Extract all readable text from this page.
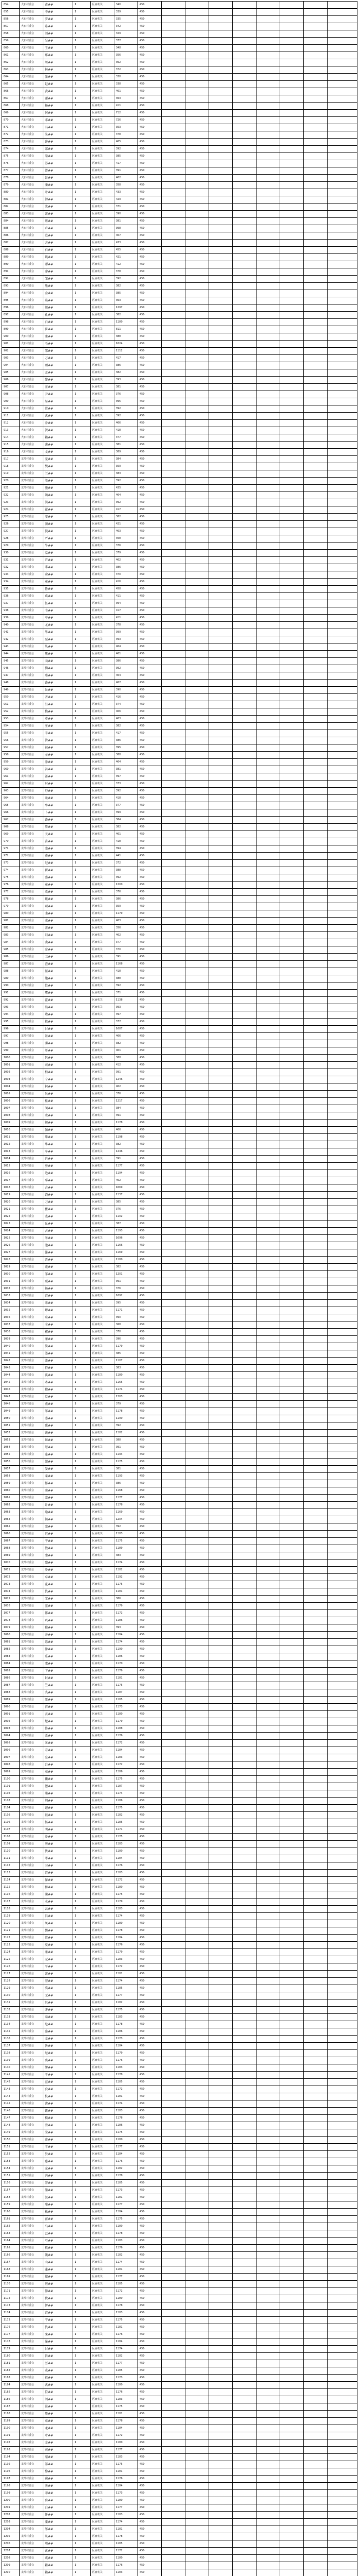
854	大石村委会	黄##	1	区直机关	340	450								
855	大石村委会	李##	1	区直机关	339	450								
856	大石村委会	罗##	1	区直机关	335	450								
857	大石村委会	陈##	1	区直机关	342	450								
858	大石村委会	刘##	1	区直机关	329	450								
859	大石村委会	吴##	1	区直机关	377	450								
860	大石村委会	王##	1	区直机关	348	450								
861	大石村委会	郑##	1	区直机关	356	450								
862	大石村委会	周##	1	区直机关	362	450								
863	大石村委会	林##	1	区直机关	372	450								
864	大石村委会	张##	1	区直机关	330	450								
865	大石村委会	赵##	1	区直机关	338	450								
866	大石村委会	黄##	1	区直机关	401	450								
867	大石村委会	谢##	1	区直机关	363	450								
868	大石村委会	杨##	1	区直机关	411	450								
869	大石村委会	何##	1	区直机关	712	450								
870	大石村委会	邓##	1	区直机关	726	450								
871	大石村委会	冯##	1	区直机关	353	450								
872	大石村委会	朱##	1	区直机关	378	450								
873	大石村委会	许##	1	区直机关	405	450								
874	大石村委会	邱##	1	区直机关	392	450								
875	大石村委会	梁##	1	区直机关	385	450								
876	大石村委会	苏##	1	区直机关	417	450								
877	大石村委会	曾##	1	区直机关	391	450								
878	大石村委会	彭##	1	区直机关	402	450								
879	大石村委会	潘##	1	区直机关	358	450								
880	大石村委会	叶##	1	区直机关	433	450								
881	大石村委会	钟##	1	区直机关	429	450								
882	大石村委会	沈##	1	区直机关	371	450								
883	大石村委会	萧##	1	区直机关	390	450								
884	大石村委会	蔡##	1	区直机关	381	450								
885	大石村委会	卢##	1	区直机关	398	450								
886	大石村委会	范##	1	区直机关	407	450								
887	大石村委会	方##	1	区直机关	433	450								
888	大石村委会	石##	1	区直机关	455	450								
889	大石村委会	姚##	1	区直机关	421	450								
890	大石村委会	谭##	1	区直机关	412	450								
891	大石村委会	廖##	1	区直机关	378	450								
892	大石村委会	邹##	1	区直机关	392	450								
893	大石村委会	熊##	1	区直机关	382	450								
894	大石村委会	金##	1	区直机关	385	450								
895	大石村委会	陆##	1	区直机关	363	450								
896	大石村委会	郝##	1	区直机关	1297	450								
897	大石村委会	孔##	1	区直机关	382	450								
898	大石村委会	白##	1	区直机关	1180	450								
899	大石村委会	崔##	1	区直机关	811	450								
900	大石村委会	康##	1	区直机关	388	450								
901	大石村委会	毛##	1	区直机关	1024	450								
902	大石村委会	邵##	1	区直机关	1112	450								
903	大石村委会	万##	1	区直机关	417	450								
904	大石村委会	顾##	1	区直机关	386	450								
905	大石村委会	孟##	1	区直机关	382	450								
906	大石村委会	黎##	1	区直机关	393	450								
907	大石村委会	汪##	1	区直机关	381	450								
908	大石村委会	尹##	1	区直机关	376	450								
909	大石村委会	易##	1	区直机关	395	450								
910	大石村委会	常##	1	区直机关	392	450								
911	大石村委会	武##	1	区直机关	392	450								
912	大石村委会	乔##	1	区直机关	406	450								
913	大石村委会	贺##	1	区直机关	418	450								
914	大石村委会	赖##	1	区直机关	377	450								
915	大石村委会	龚##	1	区直机关	381	450								
916	大石村委会	文##	1	区直机关	389	450								
917	龙潭村委会	庞##	1	区直机关	384	450								
918	龙潭村委会	樊##	1	区直机关	359	450								
919	龙潭村委会	兰##	1	区直机关	383	450								
920	龙潭村委会	殷##	1	区直机关	392	450								
921	龙潭村委会	施##	1	区直机关	435	450								
922	龙潭村委会	陶##	1	区直机关	404	450								
923	龙潭村委会	洪##	1	区直机关	392	450								
924	龙潭村委会	翟##	1	区直机关	417	450								
925	龙潭村委会	安##	1	区直机关	382	450								
926	龙潭村委会	颜##	1	区直机关	421	450								
927	龙潭村委会	倪##	1	区直机关	403	450								
928	龙潭村委会	严##	1	区直机关	358	450								
929	龙潭村委会	牛##	1	区直机关	376	450								
930	龙潭村委会	温##	1	区直机关	379	450								
931	龙潭村委会	芦##	1	区直机关	402	450								
932	龙潭村委会	季##	1	区直机关	386	450								
933	龙潭村委会	俞##	1	区直机关	370	450								
934	龙潭村委会	章##	1	区直机关	416	450								
935	龙潭村委会	鲁##	1	区直机关	458	450								
936	龙潭村委会	葛##	1	区直机关	411	450								
937	龙潭村委会	伍##	1	区直机关	394	450								
938	龙潭村委会	韦##	1	区直机关	417	450								
939	龙潭村委会	申##	1	区直机关	411	450								
940	龙潭村委会	尤##	1	区直机关	378	450								
941	龙潭村委会	毕##	1	区直机关	399	450								
942	龙潭村委会	聂##	1	区直机关	393	450								
943	龙潭村委会	丛##	1	区直机关	404	450								
944	龙潭村委会	焦##	1	区直机关	401	450								
945	龙潭村委会	向##	1	区直机关	386	450								
946	龙潭村委会	柳##	1	区直机关	392	450								
947	龙潭村委会	邢##	1	区直机关	404	450								
948	龙潭村委会	路##	1	区直机关	407	450								
949	龙潭村委会	岳##	1	区直机关	390	450								
950	龙潭村委会	齐##	1	区直机关	416	450								
951	龙潭村委会	沿##	1	区直机关	374	450								
952	龙潭村委会	梅##	1	区直机关	406	450								
953	龙潭村委会	莫##	1	区直机关	403	450								
954	龙潭村委会	庄##	1	区直机关	382	450								
955	龙潭村委会	辛##	1	区直机关	417	450								
956	龙潭村委会	管##	1	区直机关	386	450								
957	龙潭村委会	祝##	1	区直机关	395	450								
958	龙潭村委会	左##	1	区直机关	388	450								
959	龙潭村委会	涂##	1	区直机关	404	450								
960	龙潭村委会	谷##	1	区直机关	381	450								
961	龙潭村委会	祁##	1	区直机关	397	450								
962	龙潭村委会	时##	1	区直机关	373	450								
963	龙潭村委会	舒##	1	区直机关	392	450								
964	龙潭村委会	耿##	1	区直机关	418	450								
965	龙潭村委会	牟##	1	区直机关	377	450								
966	龙潭村委会	卜##	1	区直机关	399	450								
967	龙潭村委会	路##	1	区直机关	384	450								
968	龙潭村委会	詹##	1	区直机关	382	450								
969	龙潭村委会	关##	1	区直机关	401	450								
970	龙潭村委会	苗##	1	区直机关	418	450								
971	龙潭村委会	凌##	1	区直机关	394	450								
972	龙潭村委会	费##	1	区直机关	441	450								
973	龙潭村委会	纪##	1	区直机关	372	450								
974	龙潭村委会	靳##	1	区直机关	388	450								
975	龙潭村委会	盛##	1	区直机关	392	450								
976	龙潭村委会	童##	1	区直机关	1200	450								
977	龙潭村委会	欧##	1	区直机关	376	450								
978	龙潭村委会	甄##	1	区直机关	386	450								
979	龙潭村委会	项##	1	区直机关	359	450								
980	龙潭村委会	曲##	1	区直机关	1179	450								
981	龙潭村委会	成##	1	区直机关	403	450								
982	龙潭村委会	游##	1	区直机关	356	450								
983	龙潭村委会	阳##	1	区直机关	402	450								
984	龙潭村委会	裴##	1	区直机关	377	450								
985	龙潭村委会	席##	1	区直机关	370	450								
986	龙潭村委会	卫##	1	区直机关	391	450								
987	龙潭村委会	查##	1	区直机关	1168	450								
988	龙潭村委会	屈##	1	区直机关	418	450								
989	龙潭村委会	鲍##	1	区直机关	388	450								
990	龙潭村委会	位##	1	区直机关	392	450								
991	龙潭村委会	覃##	1	区直机关	371	450								
992	龙潭村委会	霍##	1	区直机关	1138	450								
993	龙潭村委会	翁##	1	区直机关	393	450								
994	龙潭村委会	隋##	1	区直机关	397	450								
995	龙潭村委会	植##	1	区直机关	377	450								
996	龙潭村委会	甘##	1	区直机关	1087	450								
997	龙潭村委会	景##	1	区直机关	406	450								
998	龙潭村委会	薄##	1	区直机关	382	450								
999	龙潭村委会	单##	1	区直机关	401	450								
1000	龙潭村委会	包##	1	区直机关	388	450								
1001	龙潭村委会	司##	1	区直机关	412	450								
1002	龙潭村委会	柏##	1	区直机关	391	450								
1003	龙潭村委会	宁##	1	区直机关	1246	450								
1004	龙潭村委会	柯##	1	区直机关	402	450								
1005	龙潭村委会	阮##	1	区直机关	376	450								
1006	龙潭村委会	桂##	1	区直机关	1217	450								
1007	龙潭村委会	闵##	1	区直机关	384	450								
1008	龙潭村委会	欧##	1	区直机关	391	450								
1009	龙潭村委会	解##	1	区直机关	1178	450								
1010	龙潭村委会	强##	1	区直机关	406	450								
1011	龙潭村委会	柴##	1	区直机关	1198	450								
1012	龙潭村委会	华##	1	区直机关	382	450								
1013	龙潭村委会	车##	1	区直机关	1246	450								
1014	龙潭村委会	冉##	1	区直机关	391	450								
1015	龙潭村委会	房##	1	区直机关	1177	450								
1016	龙潭村委会	边##	1	区直机关	1194	450								
1017	龙潭村委会	辜##	1	区直机关	402	450								
1018	龙潭村委会	吉##	1	区直机关	1069	450								
1019	龙潭村委会	饶##	1	区直机关	1137	450								
1020	龙潭村委会	刁##	1	区直机关	385	450								
1021	龙潭村委会	瞿##	1	区直机关	376	450								
1022	龙潭村委会	戚##	1	区直机关	1102	450								
1023	龙潭村委会	丘##	1	区直机关	387	450								
1024	龙潭村委会	古##	1	区直机关	1193	450								
1025	龙潭村委会	米##	1	区直机关	1096	450								
1026	龙潭村委会	池##	1	区直机关	1166	450								
1027	龙潭村委会	滕##	1	区直机关	1169	450								
1028	龙潭村委会	晋##	1	区直机关	1180	450								
1029	龙潭村委会	苑##	1	区直机关	382	450								
1030	龙潭村委会	邬##	1	区直机关	1201	450								
1031	龙潭村委会	臧##	1	区直机关	391	450								
1032	龙潭村委会	畅##	1	区直机关	376	450								
1033	龙潭村委会	宫##	1	区直机关	1092	450								
1034	龙潭村委会	来##	1	区直机关	395	450								
1035	龙潭村委会	嵺##	1	区直机关	1171	450								
1036	龙潭村委会	苟##	1	区直机关	390	450								
1037	龙潭村委会	全##	1	区直机关	368	450								
1038	龙潭村委会	褚##	1	区直机关	370	450								
1039	龙潭村委会	廉##	1	区直机关	396	450								
1040	龙潭村委会	简##	1	区直机关	1179	450								
1041	龙潭村委会	娄##	1	区直机关	385	450								
1042	龙潭村委会	盖##	1	区直机关	1107	450								
1043	龙潭村委会	符##	1	区直机关	383	450								
1044	龙潭村委会	奚##	1	区直机关	1180	450								
1045	龙潭村委会	木##	1	区直机关	1165	450								
1046	龙潭村委会	穆##	1	区直机关	1174	450								
1047	龙潭村委会	党##	1	区直机关	1203	450								
1048	龙潭村委会	燕##	1	区直机关	379	450								
1049	龙潭村委会	郎##	1	区直机关	1178	450								
1050	龙潭村委会	邸##	1	区直机关	1190	450								
1051	龙潭村委会	冀##	1	区直机关	392	450								
1052	龙潭村委会	谈##	1	区直机关	1182	450								
1053	龙潭村委会	姬##	1	区直机关	388	450								
1054	龙潭村委会	屠##	1	区直机关	391	450								
1055	龙潭村委会	连##	1	区直机关	1194	450								
1056	龙潭村委会	郜##	1	区直机关	1175	450								
1057	龙潭村委会	晏##	1	区直机关	381	450								
1058	龙潭村委会	栾##	1	区直机关	1193	450								
1059	龙潭村委会	郁##	1	区直机关	386	450								
1060	龙潭村委会	商##	1	区直机关	1168	450								
1061	龙潭村委会	蒙##	1	区直机关	1177	450								
1062	龙潭村委会	计##	1	区直机关	1178	450								
1063	龙潭村委会	喻##	1	区直机关	1169	450								
1064	龙潭村委会	揭##	1	区直机关	1204	450								
1065	龙潭村委会	窦##	1	区直机关	392	450								
1066	龙潭村委会	迟##	1	区直机关	1183	450								
1067	龙潭村委会	宇##	1	区直机关	1175	450								
1068	龙潭村委会	敖##	1	区直机关	1189	450								
1069	龙潭村委会	糜##	1	区直机关	383	450								
1070	龙潭村委会	鄢##	1	区直机关	1174	450								
1071	龙潭村委会	冷##	1	区直机关	1182	450								
1072	龙潭村委会	卓##	1	区直机关	1192	450								
1073	龙潭村委会	花##	1	区直机关	1175	450								
1074	龙潭村委会	仇##	1	区直机关	1181	450								
1075	龙潭村委会	艾##	1	区直机关	386	450								
1076	龙潭村委会	蓝##	1	区直机关	1179	450								
1077	龙潭村委会	都##	1	区直机关	1172	450								
1078	龙潭村委会	巩##	1	区直机关	1186	450								
1079	龙潭村委会	稽##	1	区直机关	393	450								
1080	龙潭村委会	井##	1	区直机关	1184	450								
1081	龙潭村委会	练##	1	区直机关	1174	450								
1082	龙潭村委会	仲##	1	区直机关	1190	450								
1083	龙潭村委会	乐##	1	区直机关	1186	450								
1084	龙潭村委会	虞##	1	区直机关	1170	450								
1085	龙潭村委会	卞##	1	区直机关	1179	450								
1086	龙潭村委会	封##	1	区直机关	1181	450								
1087	龙潭村委会	竺##	1	区直机关	1175	450								
1088	龙潭村委会	冼##	1	区直机关	1187	450								
1089	龙潭村委会	原##	1	区直机关	1185	450								
1090	龙潭村委会	官##	1	区直机关	1173	450								
1091	龙潭村委会	衣##	1	区直机关	1180	450								
1092	龙潭村委会	楚##	1	区直机关	1179	450								
1093	龙潭村委会	佟##	1	区直机关	1188	450								
1094	龙潭村委会	栗##	1	区直机关	1176	450								
1095	龙潭村委会	匡##	1	区直机关	1172	450								
1096	龙潭村委会	宗##	1	区直机关	1184	450								
1097	龙潭村委会	应##	1	区直机关	1183	450								
1098	龙潭村委会	台##	1	区直机关	1172	450								
1099	龙潭村委会	巫##	1	区直机关	1186	450								
1100	龙潭村委会	鞠##	1	区直机关	1175	450								
1101	龙潭村委会	僧##	1	区直机关	1187	450								
1102	龙潭村委会	桑##	1	区直机关	1174	450								
1103	龙潭村委会	荆##	1	区直机关	1186	450								
1104	龙潭村委会	谌##	1	区直机关	1175	450								
1105	龙潭村委会	银##	1	区直机关	1182	450								
1106	龙潭村委会	扬##	1	区直机关	1185	450								
1107	龙潭村委会	明##	1	区直机关	1171	450								
1108	龙潭村委会	沙##	1	区直机关	1175	450								
1109	龙潭村委会	薛##	1	区直机关	1183	450								
1110	龙潭村委会	伏##	1	区直机关	1180	450								
1111	龙潭村委会	岑##	1	区直机关	1184	450								
1112	龙潭村委会	习##	1	区直机关	1176	450								
1113	龙潭村委会	胥##	1	区直机关	1183	450								
1114	龙潭村委会	保##	1	区直机关	1172	450								
1115	龙潭村委会	和##	1	区直机关	1180	450								
1116	龙潭村委会	蔺##	1	区直机关	1175	450								
1117	龙潭村委会	水##	1	区直机关	1179	450								
1118	龙潭村委会	云##	1	区直机关	1183	450								
1119	龙潭村委会	昌##	1	区直机关	1174	450								
1120	龙潭村委会	凤##	1	区直机关	1180	450								
1121	龙潭村委会	酆##	1	区直机关	1178	450								
1122	龙潭村委会	常##	1	区直机关	1184	450								
1123	龙潭村委会	皮##	1	区直机关	1176	450								
1124	龙潭村委会	康##	1	区直机关	1179	450								
1125	龙潭村委会	元##	1	区直机关	1183	450								
1126	龙潭村委会	平##	1	区直机关	1172	450								
1127	龙潭村委会	萧##	1	区直机关	1181	450								
1128	龙潭村委会	湛##	1	区直机关	1174	450								
1129	龙潭村委会	禹##	1	区直机关	1185	450								
1130	龙潭村委会	无##	1	区直机关	1177	450								
1131	龙潭村委会	贝##	1	区直机关	1182	450								
1132	龙潭村委会	茅##	1	区直机关	1175	450								
1133	龙潭村委会	麻##	1	区直机关	1183	450								
1134	龙潭村委会	危##	1	区直机关	1178	450								
1135	龙潭村委会	骆##	1	区直机关	1186	450								
1136	龙潭村委会	支##	1	区直机关	1173	450								
1137	龙潭村委会	咎##	1	区直机关	1184	450								
1138	龙潭村委会	经##	1	区直机关	1179	450								
1139	龙潭村委会	裘##	1	区直机关	1176	450								
1140	龙潭村委会	缪##	1	区直机关	1183	450								
1141	龙潭村委会	干##	1	区直机关	1178	450								
1142	龙潭村委会	宣##	1	区直机关	1185	450								
1143	龙潭村委会	贲##	1	区直机关	1172	450								
1144	龙潭村委会	杭##	1	区直机关	1181	450								
1145	龙潭村委会	诸##	1	区直机关	1174	450								
1146	龙潭村委会	钮##	1	区直机关	1183	450								
1147	龙潭村委会	嵇##	1	区直机关	1178	450								
1148	龙潭村委会	滑##	1	区直机关	1186	450								
1149	龙潭村委会	荣##	1	区直机关	1175	450								
1150	龙潭村委会	荀##	1	区直机关	1180	450								
1151	龙潭村委会	羊##	1	区直机关	1177	450								
1152	龙潭村委会	於##	1	区直机关	1184	450								
1153	龙潭村委会	惠##	1	区直机关	1176	450								
1154	龙潭村委会	家##	1	区直机关	1182	450								
1155	龙潭村委会	芮##	1	区直机关	1178	450								
1156	龙潭村委会	羿##	1	区直机关	1185	450								
1157	龙潭村委会	储##	1	区直机关	1173	450								
1158	龙潭村委会	汲##	1	区直机关	1181	450								
1159	龙潭村委会	邴##	1	区直机关	1177	450								
1160	龙潭村委会	松##	1	区直机关	1184	450								
1161	龙潭村委会	富##	1	区直机关	1175	450								
1162	龙潭村委会	乌##	1	区直机关	1180	450								
1163	龙潭村委会	巴##	1	区直机关	1178	450								
1164	龙潭村委会	弓##	1	区直机关	1183	450								
1165	龙潭村委会	牧##	1	区直机关	1176	450								
1166	龙潭村委会	隗##	1	区直机关	1182	450								
1167	龙潭村委会	山##	1	区直机关	1174	450								
1168	龙潭村委会	蓬##	1	区直机关	1181	450								
1169	龙潭村委会	郗##	1	区直机关	1177	450								
1170	龙潭村委会	班##	1	区直机关	1185	450								
1171	龙潭村委会	仰##	1	区直机关	1172	450								
1172	龙潭村委会	秋##	1	区直机关	1180	450								
1173	龙潭村委会	伊##	1	区直机关	1178	450								
1174	龙潭村委会	宫##	1	区直机关	1183	450								
1175	龙潭村委会	宁##	1	区直机关	1175	450								
1176	龙潭村委会	仇##	1	区直机关	1181	450								
1177	龙潭村委会	栾##	1	区直机关	1176	450								
1178	龙潭村委会	暴##	1	区直机关	1184	450								
1179	龙潭村委会	甘##	1	区直机关	1174	450								
1180	龙潭村委会	钭##	1	区直机关	1182	450								
1181	龙潭村委会	厉##	1	区直机关	1177	450								
1182	龙潭村委会	戎##	1	区直机关	1185	450								
1183	龙潭村委会	祖##	1	区直机关	1173	450								
1184	龙潭村委会	武##	1	区直机关	1180	450								
1185	龙潭村委会	符##	1	区直机关	1176	450								
1186	龙潭村委会	刘##	1	区直机关	1183	450								
1187	龙潭村委会	景##	1	区直机关	1175	450								
1188	龙潭村委会	詹##	1	区直机关	1181	450								
1189	龙潭村委会	束##	1	区直机关	1178	450								
1190	龙潭村委会	龙##	1	区直机关	1184	450								
1191	龙潭村委会	叶##	1	区直机关	1172	450								
1192	龙潭村委会	幸##	1	区直机关	1180	450								
1193	龙潭村委会	司##	1	区直机关	1177	450								
1194	龙潭村委会	韶##	1	区直机关	1183	450								
1195	龙潭村委会	郜##	1	区直机关	1175	450								
1196	龙潭村委会	黎##	1	区直机关	1181	450								
1197	龙潭村委会	蓟##	1	区直机关	1176	450								
1198	龙潭村委会	薄##	1	区直机关	1184	450								
1199	龙潭村委会	印##	1	区直机关	1173	450								
1200	龙潭村委会	宿##	1	区直机关	1180	450								
1201	龙潭村委会	白##	1	区直机关	1177	450								
1202	龙潭村委会	怀##	1	区直机关	1183	450								
1203	龙潭村委会	蒲##	1	区直机关	1174	450								
1204	龙潭村委会	邰##	1	区直机关	1181	450								
1205	龙潭村委会	从##	1	区直机关	1178	450								
1206	龙潭村委会	鄂##	1	区直机关	1185	450								
1207	龙潭村委会	索##	1	区直机关	1172	450								
1208	龙潭村委会	咸##	1	区直机关	1180	450								
1209	龙潭村委会	籍##	1	区直机关	1176	450								
1210	龙潭村委会	赖##	1	区直机关	1183	450								
